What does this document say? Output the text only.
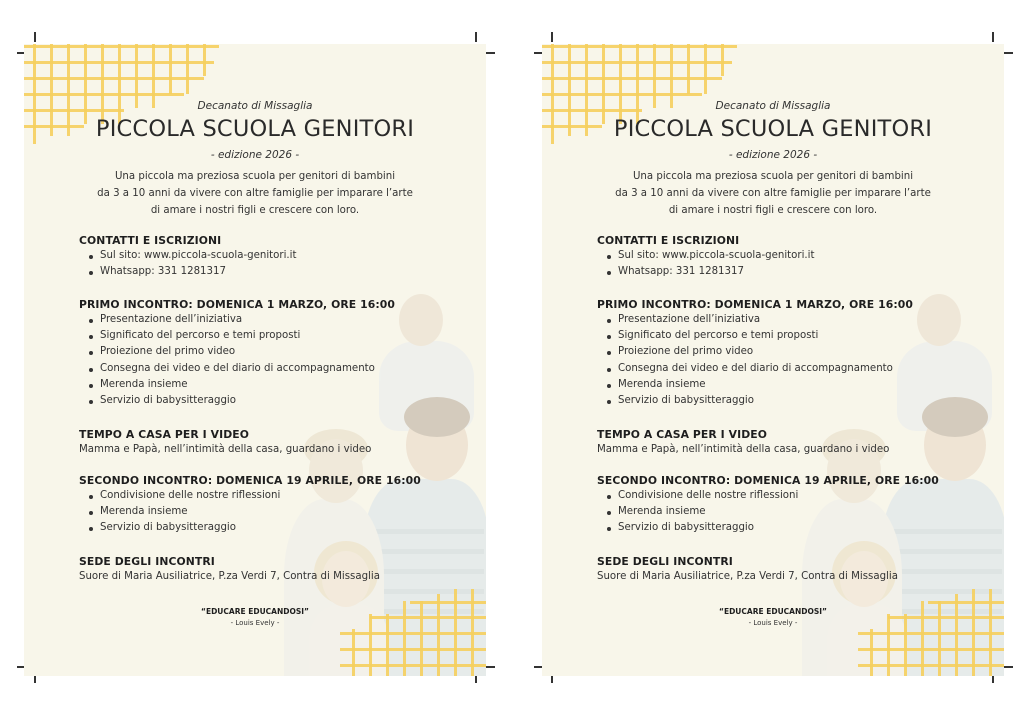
Decanato di Missaglia
PICCOLA SCUOLA GENITORI
- edizione 2026 -
Una piccola ma preziosa scuola per genitori di bambini
da 3 a 10 anni da vivere con altre famiglie per imparare l’arte
di amare i nostri figli e crescere con loro.
CONTATTI E ISCRIZIONI
Sul sito: www.piccola-scuola-genitori.it
Whatsapp: 331 1281317
PRIMO INCONTRO: DOMENICA 1 MARZO, ORE 16:00
Presentazione dell’iniziativa
Significato del percorso e temi proposti
Proiezione del primo video
Consegna dei video e del diario di accompagnamento
Merenda insieme
Servizio di babysitteraggio
TEMPO A CASA PER I VIDEO
Mamma e Papà, nell’intimità della casa, guardano i video
SECONDO INCONTRO: DOMENICA 19 APRILE, ORE 16:00
Condivisione delle nostre riflessioni
Merenda insieme
Servizio di babysitteraggio
SEDE DEGLI INCONTRI
Suore di Maria Ausiliatrice, P.za Verdi 7, Contra di Missaglia
“EDUCARE EDUCANDOSI”
- Louis Evely -
Decanato di Missaglia
PICCOLA SCUOLA GENITORI
- edizione 2026 -
Una piccola ma preziosa scuola per genitori di bambini
da 3 a 10 anni da vivere con altre famiglie per imparare l’arte
di amare i nostri figli e crescere con loro.
CONTATTI E ISCRIZIONI
Sul sito: www.piccola-scuola-genitori.it
Whatsapp: 331 1281317
PRIMO INCONTRO: DOMENICA 1 MARZO, ORE 16:00
Presentazione dell’iniziativa
Significato del percorso e temi proposti
Proiezione del primo video
Consegna dei video e del diario di accompagnamento
Merenda insieme
Servizio di babysitteraggio
TEMPO A CASA PER I VIDEO
Mamma e Papà, nell’intimità della casa, guardano i video
SECONDO INCONTRO: DOMENICA 19 APRILE, ORE 16:00
Condivisione delle nostre riflessioni
Merenda insieme
Servizio di babysitteraggio
SEDE DEGLI INCONTRI
Suore di Maria Ausiliatrice, P.za Verdi 7, Contra di Missaglia
“EDUCARE EDUCANDOSI”
- Louis Evely -
